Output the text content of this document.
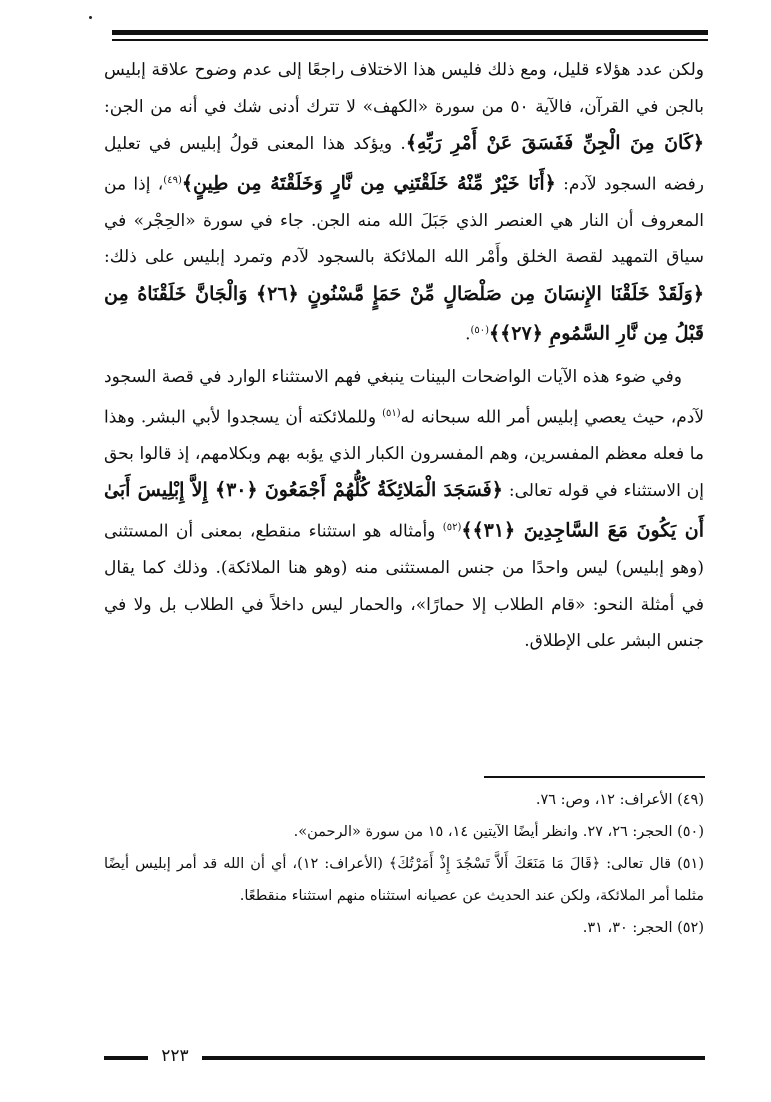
ولكن عدد هؤلاء قليل، ومع ذلك فليس هذا الاختلاف راجعًا إلى عدم وضوح علاقة إبليس بالجن في القرآن، فالآية ٥٠ من سورة «الكهف» لا تترك أدنى شك في أنه من الجن: ﴿كَانَ مِنَ الْجِنِّ فَفَسَقَ عَنْ أَمْرِ رَبِّهِ﴾. ويؤكد هذا المعنى قولُ إبليس في تعليل رفضه السجود لآدم: ﴿أَنَا خَيْرٌ مِّنْهُ خَلَقْتَنِي مِن نَّارٍ وَخَلَقْتَهُ مِن طِينٍ﴾$^{(٤٩)}$، إذا من المعروف أن النار هي العنصر الذي جَبَلَ الله منه الجن. جاء في سورة «الحِجْر» في سياق التمهيد لقصة الخلق وأَمْر الله الملائكة بالسجود لآدم وتمرد إبليس على ذلك: ﴿وَلَقَدْ خَلَقْنَا الإِنسَانَ مِن صَلْصَالٍ مِّنْ حَمَإٍ مَّسْنُونٍ ﴿٢٦﴾ وَالْجَانَّ خَلَقْنَاهُ مِن قَبْلُ مِن نَّارِ السَّمُومِ ﴿٢٧﴾﴾$^{(٥٠)}$.

وفي ضوء هذه الآيات الواضحات البينات ينبغي فهم الاستثناء الوارد في قصة السجود لآدم، حيث يعصي إبليس أمر الله سبحانه له$^{(٥١)}$ وللملائكته أن يسجدوا لأبي البشر. وهذا ما فعله معظم المفسرين، وهم المفسرون الكبار الذي يؤبه بهم وبكلامهم، إذ قالوا بحق إن الاستثناء في قوله تعالى: ﴿فَسَجَدَ الْمَلائِكَةُ كُلُّهُمْ أَجْمَعُونَ ﴿٣٠﴾ إِلاَّ إِبْلِيسَ أَبَىٰ أَن يَكُونَ مَعَ السَّاجِدِينَ ﴿٣١﴾﴾$^{(٥٢)}$ وأمثاله هو استثناء منقطع، بمعنى أن المستثنى (وهو إبليس) ليس واحدًا من جنس المستثنى منه (وهو هنا الملائكة). وذلك كما يقال في أمثلة النحو: «قام الطلاب إلا حمارًا»، والحمار ليس داخلاً في الطلاب بل ولا في جنس البشر على الإطلاق.

(٤٩) الأعراف: ١٢، وص: ٧٦.

(٥٠) الحجر: ٢٦، ٢٧. وانظر أيضًا الآيتين ١٤، ١٥ من سورة «الرحمن».

(٥١) قال تعالى: ﴿قَالَ مَا مَنَعَكَ أَلاَّ تَسْجُدَ إِذْ أَمَرْتُكَ﴾ (الأعراف: ١٢)، أي أن الله قد أمر إبليس أيضًا مثلما أمر الملائكة، ولكن عند الحديث عن عصيانه استثناه منهم استثناء منقطعًا.

(٥٢) الحجر: ٣٠، ٣١.

٢٢٣
